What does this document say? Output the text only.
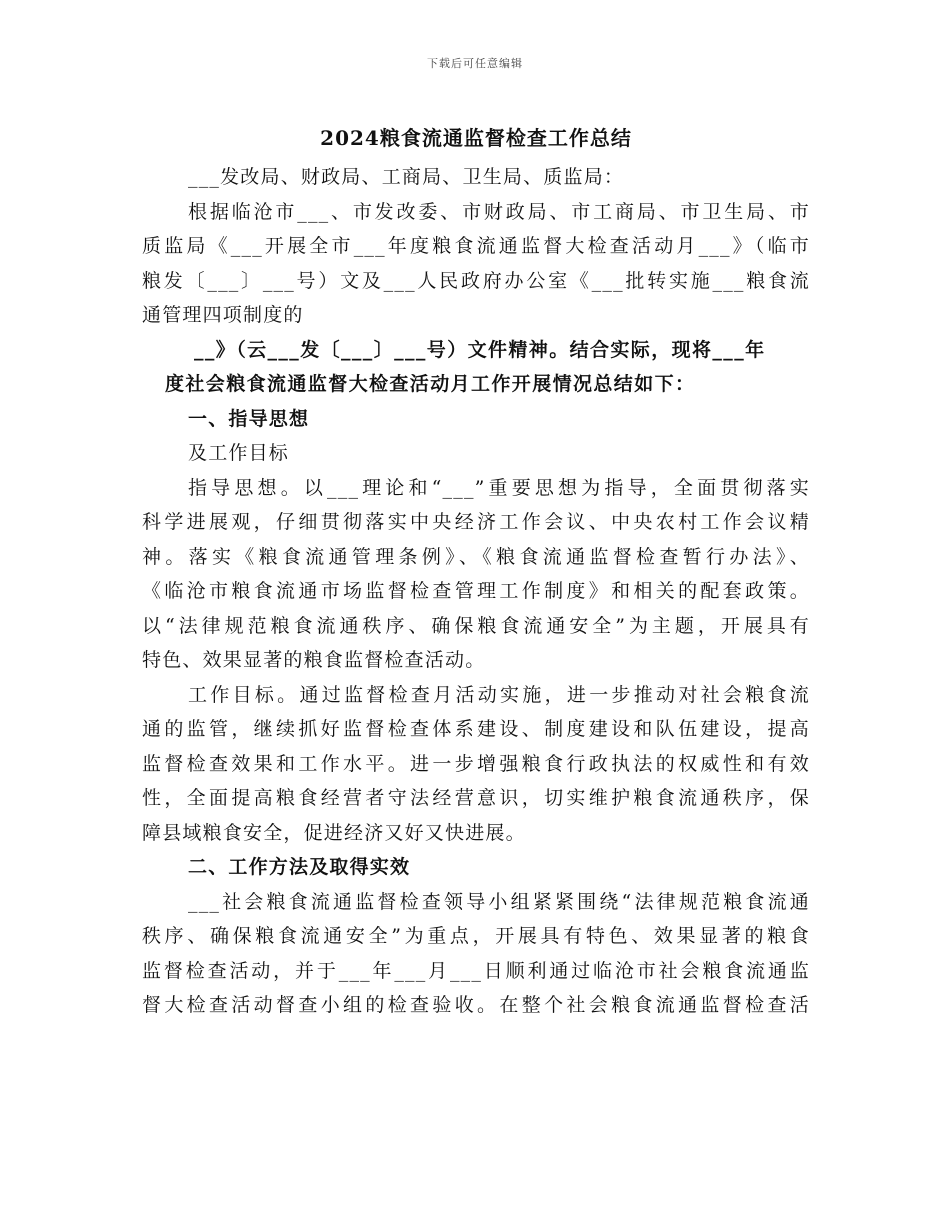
下载后可任意编辑
2024粮食流通监督检查工作总结
___发改局、财政局、工商局、卫生局、质监局：
根据临沧市___、市发改委、市财政局、市工商局、市卫生局、市
质监局《___开展全市___年度粮食流通监督大检查活动月___》（临市
粮发〔___〕___号）文及___人民政府办公室《___批转实施___粮食流
通管理四项制度的
__》（云___发〔___〕___号）文件精神。结合实际，现将___年
度社会粮食流通监督大检查活动月工作开展情况总结如下：
一、指导思想
及工作目标
指导思想。以___理论和“___”重要思想为指导，全面贯彻落实
科学进展观，仔细贯彻落实中央经济工作会议、中央农村工作会议精
神。落实《粮食流通管理条例》、《粮食流通监督检查暂行办法》、
《临沧市粮食流通市场监督检查管理工作制度》和相关的配套政策。
以“法律规范粮食流通秩序、确保粮食流通安全”为主题，开展具有
特色、效果显著的粮食监督检查活动。
工作目标。通过监督检查月活动实施，进一步推动对社会粮食流
通的监管，继续抓好监督检查体系建设、制度建设和队伍建设，提高
监督检查效果和工作水平。进一步增强粮食行政执法的权威性和有效
性，全面提高粮食经营者守法经营意识，切实维护粮食流通秩序，保
障县域粮食安全，促进经济又好又快进展。
二、工作方法及取得实效
___社会粮食流通监督检查领导小组紧紧围绕“法律规范粮食流通
秩序、确保粮食流通安全”为重点，开展具有特色、效果显著的粮食
监督检查活动，并于___年___月___日顺利通过临沧市社会粮食流通监
督大检查活动督查小组的检查验收。在整个社会粮食流通监督检查活
